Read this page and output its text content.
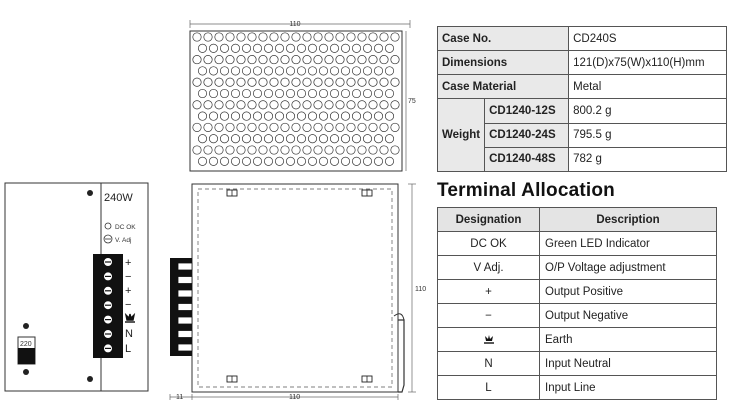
110
75
240W
DC OK
V. Adj
+
−
+
−
N
L
220
110
11	110
Case No.		CD240S
Dimensions		121(D)x75(W)x110(H)mm
Case Material		Metal
Weight	CD1240-12S	800.2 g
	CD1240-24S	795.5 g
	CD1240-48S	782 g
Terminal Allocation
Designation	Description
DC OK	Green LED Indicator
V Adj.	O/P Voltage adjustment
+	Output Positive
−	Output Negative
	Earth
N	Input Neutral
L	Input Line
